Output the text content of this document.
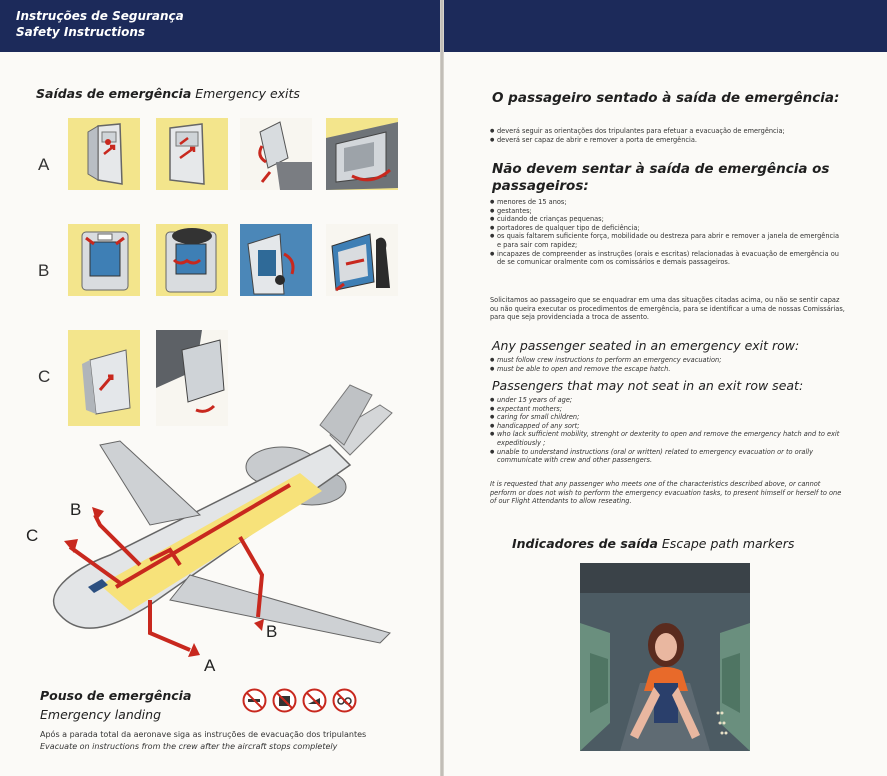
Instruções de Segurança
Safety Instructions
Saídas de emergência Emergency exits
A
B
C
B
C
B
A
Pouso de emergência
Emergency landing
Após a parada total da aeronave siga as instruções de evacuação dos tripulantes
Evacuate on instructions from the crew after the aircraft stops completely
O passageiro sentado à saída de emergência:
● deverá seguir as orientações dos tripulantes para efetuar a evacuação de emergência;
● deverá ser capaz de abrir e remover a porta de emergência.
Não devem sentar à saída de emergência os passageiros:
● menores de 15 anos;
● gestantes;
● cuidando de crianças pequenas;
● portadores de qualquer tipo de deficiência;
● os quais faltarem suficiente força, mobilidade ou destreza para abrir e remover a janela de emergência e para sair com rapidez;
● incapazes de compreender as instruções (orais e escritas) relacionadas à evacuação de emergência ou de se comunicar oralmente com os comissários e demais passageiros.
Solicitamos ao passageiro que se enquadrar em uma das situações citadas acima, ou não se sentir capaz ou não queira executar os procedimentos de emergência, para se identificar a uma de nossas Comissárias, para que seja providenciada a troca de assento.
Any passenger seated in an emergency exit row:
● must follow crew instructions to perform an emergency evacuation;
● must be able to open and remove the escape hatch.
Passengers that may not seat in an exit row seat:
● under 15 years of age;
● expectant mothers;
● caring for small children;
● handicapped of any sort;
● who lack sufficient mobility, strenght or dexterity to open and remove the emergency hatch and to exit expeditiously ;
● unable to understand instructions (oral or written) related to emergency evacuation or to orally communicate with crew and other passengers.
It is requested that any passenger who meets one of the characteristics described above, or cannot perform or does not wish to perform the emergency evacuation tasks, to present himself or herself to one of our Flight Attendants to allow reseating.
Indicadores de saída Escape path markers
